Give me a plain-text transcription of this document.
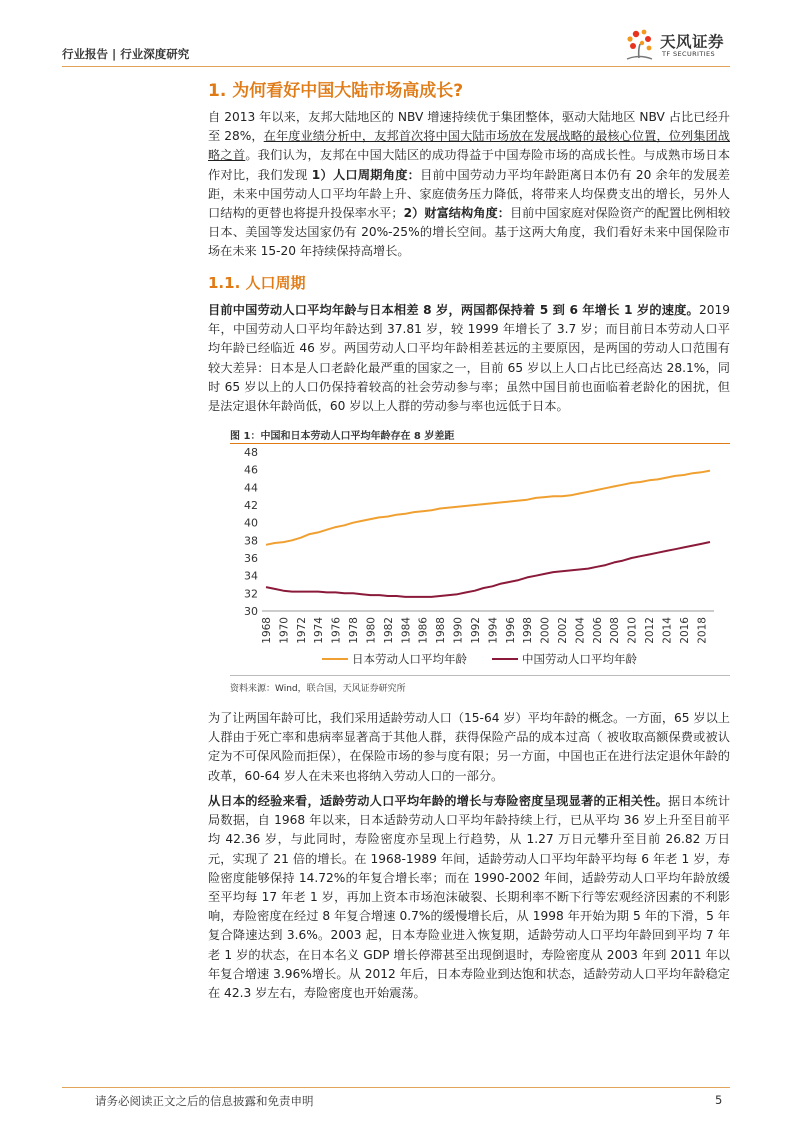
行业报告 | 行业深度研究
天风证券
TF SECURITIES
1. 为何看好中国大陆市场高成长?

自 2013 年以来，友邦大陆地区的 NBV 增速持续优于集团整体，驱动大陆地区 NBV 占比已经升至 28%，在年度业绩分析中，友邦首次将中国大陆市场放在发展战略的最核心位置，位列集团战略之首。我们认为，友邦在中国大陆区的成功得益于中国寿险市场的高成长性。与成熟市场日本作对比，我们发现 1）人口周期角度：目前中国劳动力平均年龄距离日本仍有 20 余年的发展差距，未来中国劳动人口平均年龄上升、家庭债务压力降低，将带来人均保费支出的增长，另外人口结构的更替也将提升投保率水平；2）财富结构角度：目前中国家庭对保险资产的配置比例相较日本、美国等发达国家仍有 20%-25%的增长空间。基于这两大角度，我们看好未来中国保险市场在未来 15-20 年持续保持高增长。

1.1. 人口周期

目前中国劳动人口平均年龄与日本相差 8 岁，两国都保持着 5 到 6 年增长 1 岁的速度。2019 年，中国劳动人口平均年龄达到 37.81 岁，较 1999 年增长了 3.7 岁；而目前日本劳动人口平均年龄已经临近 46 岁。两国劳动人口平均年龄相差甚远的主要原因，是两国的劳动人口范围有较大差异：日本是人口老龄化最严重的国家之一，目前 65 岁以上人口占比已经高达 28.1%，同时 65 岁以上的人口仍保持着较高的社会劳动参与率；虽然中国目前也面临着老龄化的困扰，但是法定退休年龄尚低，60 岁以上人群的劳动参与率也远低于日本。

图 1：中国和日本劳动人口平均年龄存在 8 岁差距
30
32
34
36
38
40
42
44
46
48
1968 1970 1972 1974 1976 1978 1980 1982 1984 1986 1988 1990 1992 1994 1996 1998 2000 2002 2004 2006 2008 2010 2012 2014 2016 2018
日本劳动人口平均年龄	中国劳动人口平均年龄
资料来源：Wind，联合国，天风证券研究所

为了让两国年龄可比，我们采用适龄劳动人口（15-64 岁）平均年龄的概念。一方面，65 岁以上人群由于死亡率和患病率显著高于其他人群，获得保险产品的成本过高（ 被收取高额保费或被认定为不可保风险而拒保），在保险市场的参与度有限；另一方面，中国也正在进行法定退休年龄的改革，60-64 岁人在未来也将纳入劳动人口的一部分。

从日本的经验来看，适龄劳动人口平均年龄的增长与寿险密度呈现显著的正相关性。据日本统计局数据，自 1968 年以来，日本适龄劳动人口平均年龄持续上行，已从平均 36 岁上升至目前平均 42.36 岁，与此同时，寿险密度亦呈现上行趋势，从 1.27 万日元攀升至目前 26.82 万日元，实现了 21 倍的增长。在 1968-1989 年间，适龄劳动人口平均年龄平均每 6 年老 1 岁，寿险密度能够保持 14.72%的年复合增长率；而在 1990-2002 年间，适龄劳动人口平均年龄放缓至平均每 17 年老 1 岁，再加上资本市场泡沫破裂、长期利率不断下行等宏观经济因素的不利影响，寿险密度在经过 8 年复合增速 0.7%的缓慢增长后，从 1998 年开始为期 5 年的下滑，5 年复合降速达到 3.6%。2003 起，日本寿险业进入恢复期，适龄劳动人口平均年龄回到平均 7 年老 1 岁的状态，在日本名义 GDP 增长停滞甚至出现倒退时，寿险密度从 2003 年到 2011 年以年复合增速 3.96%增长。从 2012 年后，日本寿险业到达饱和状态，适龄劳动人口平均年龄稳定在 42.3 岁左右，寿险密度也开始震荡。

请务必阅读正文之后的信息披露和免责申明	5
